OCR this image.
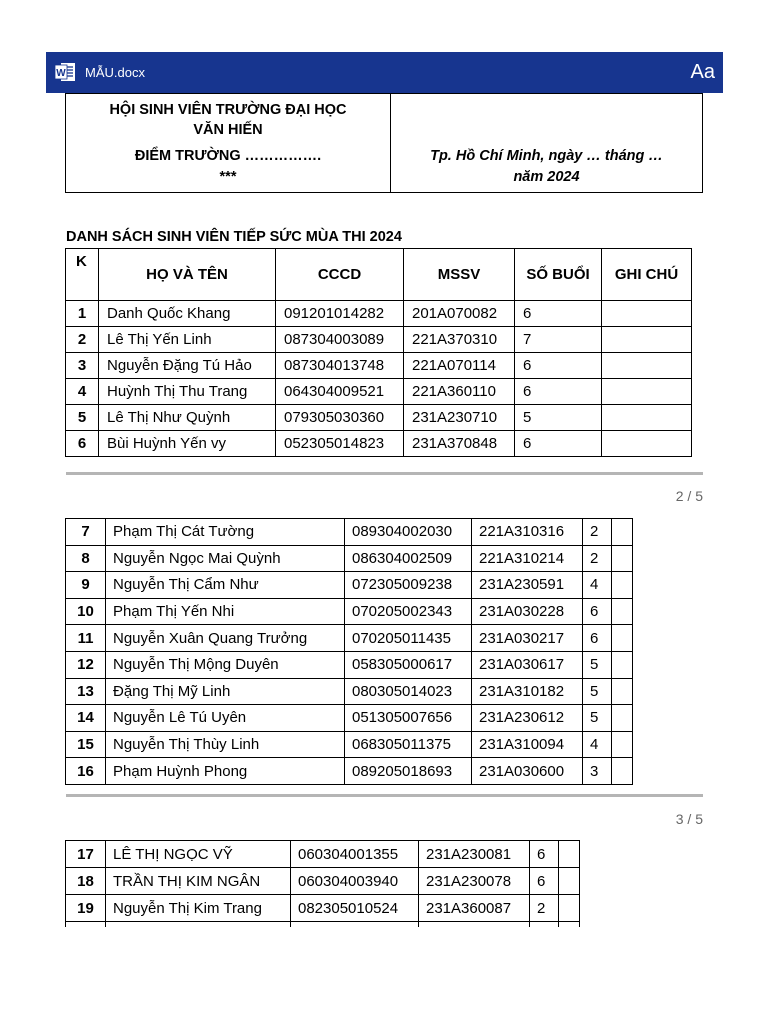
W MẪU.docx	Aa
HỘI SINH VIÊN TRƯỜNG ĐẠI HỌC
VĂN HIẾN
ĐIỂM TRƯỜNG …………….
***

Tp. Hồ Chí Minh, ngày … tháng …
năm 2024
DANH SÁCH SINH VIÊN TIẾP SỨC MÙA THI 2024
K	HỌ VÀ TÊN	CCCD	MSSV	SỐ BUỔI	GHI CHÚ
1	Danh Quốc Khang	091201014282	201A070082	6	
2	Lê Thị Yến Linh	087304003089	221A370310	7	
3	Nguyễn Đặng Tú Hảo	087304013748	221A070114	6	
4	Huỳnh Thị Thu Trang	064304009521	221A360110	6	
5	Lê Thị Như Quỳnh	079305030360	231A230710	5	
6	Bùi Huỳnh Yến vy	052305014823	231A370848	6	
2 / 5
7	Phạm Thị Cát Tường	089304002030	221A310316	2	
8	Nguyễn Ngọc Mai Quỳnh	086304002509	221A310214	2	
9	Nguyễn Thị Cẩm Như	072305009238	231A230591	4	
10	Phạm Thị Yến Nhi	070205002343	231A030228	6	
11	Nguyễn Xuân Quang Trưởng	070205011435	231A030217	6	
12	Nguyễn Thị Mộng Duyên	058305000617	231A030617	5	
13	Đặng Thị Mỹ Linh	080305014023	231A310182	5	
14	Nguyễn Lê Tú Uyên	051305007656	231A230612	5	
15	Nguyễn Thị Thùy Linh	068305011375	231A310094	4	
16	Phạm Huỳnh Phong	089205018693	231A030600	3	
3 / 5
17	LÊ THỊ NGỌC VỸ	060304001355	231A230081	6	
18	TRẦN THỊ KIM NGÂN	060304003940	231A230078	6	
19	Nguyễn Thị Kim Trang	082305010524	231A360087	2	
